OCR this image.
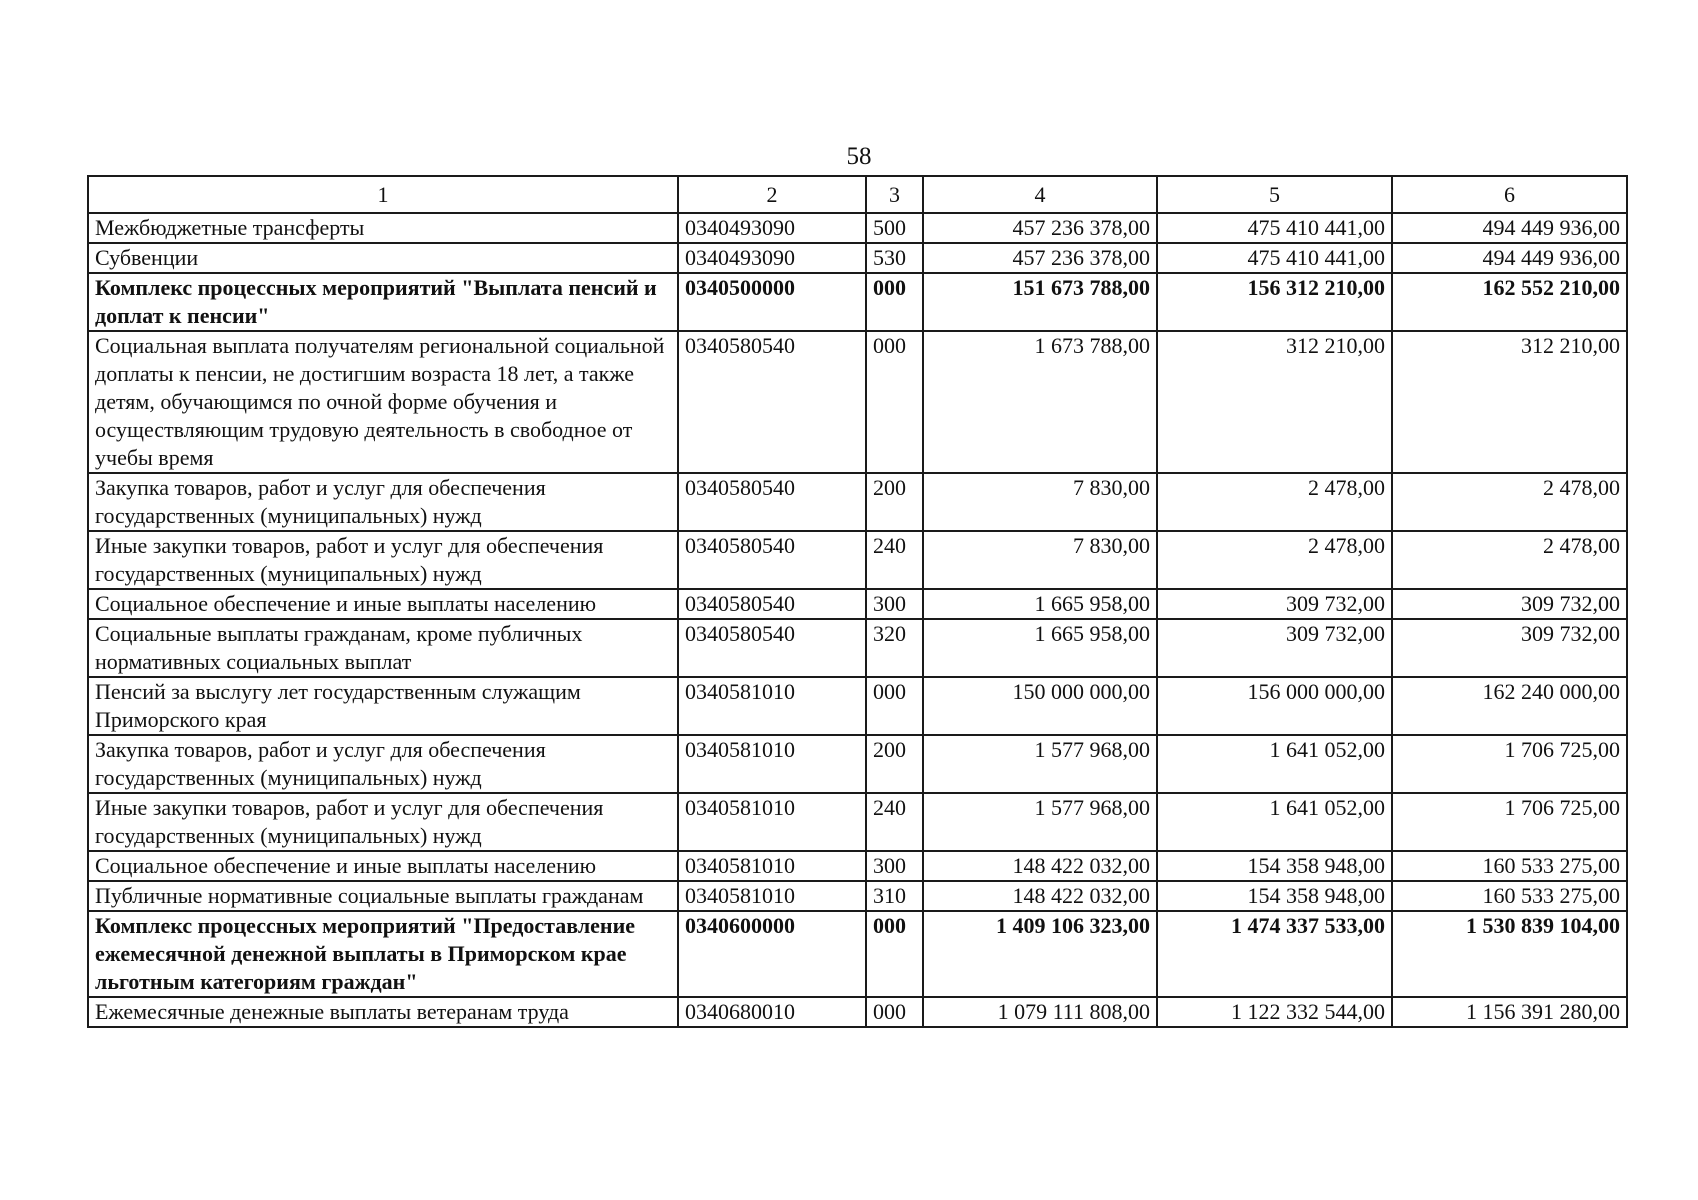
58
1	2	3	4	5	6
Межбюджетные трансферты	0340493090	500	457 236 378,00	475 410 441,00	494 449 936,00
Субвенции	0340493090	530	457 236 378,00	475 410 441,00	494 449 936,00
Комплекс процессных мероприятий "Выплата пенсий и доплат к пенсии"	0340500000	000	151 673 788,00	156 312 210,00	162 552 210,00
Социальная выплата получателям региональной социальной доплаты к пенсии, не достигшим возраста 18 лет, а также детям, обучающимся по очной форме обучения и осуществляющим трудовую деятельность в свободное от учебы время	0340580540	000	1 673 788,00	312 210,00	312 210,00
Закупка товаров, работ и услуг для обеспечения государственных (муниципальных) нужд	0340580540	200	7 830,00	2 478,00	2 478,00
Иные закупки товаров, работ и услуг для обеспечения государственных (муниципальных) нужд	0340580540	240	7 830,00	2 478,00	2 478,00
Социальное обеспечение и иные выплаты населению	0340580540	300	1 665 958,00	309 732,00	309 732,00
Социальные выплаты гражданам, кроме публичных нормативных социальных выплат	0340580540	320	1 665 958,00	309 732,00	309 732,00
Пенсий за выслугу лет государственным служащим Приморского края	0340581010	000	150 000 000,00	156 000 000,00	162 240 000,00
Закупка товаров, работ и услуг для обеспечения государственных (муниципальных) нужд	0340581010	200	1 577 968,00	1 641 052,00	1 706 725,00
Иные закупки товаров, работ и услуг для обеспечения государственных (муниципальных) нужд	0340581010	240	1 577 968,00	1 641 052,00	1 706 725,00
Социальное обеспечение и иные выплаты населению	0340581010	300	148 422 032,00	154 358 948,00	160 533 275,00
Публичные нормативные социальные выплаты гражданам	0340581010	310	148 422 032,00	154 358 948,00	160 533 275,00
Комплекс процессных мероприятий "Предоставление ежемесячной денежной выплаты в Приморском крае льготным категориям граждан"	0340600000	000	1 409 106 323,00	1 474 337 533,00	1 530 839 104,00
Ежемесячные денежные выплаты ветеранам труда	0340680010	000	1 079 111 808,00	1 122 332 544,00	1 156 391 280,00
